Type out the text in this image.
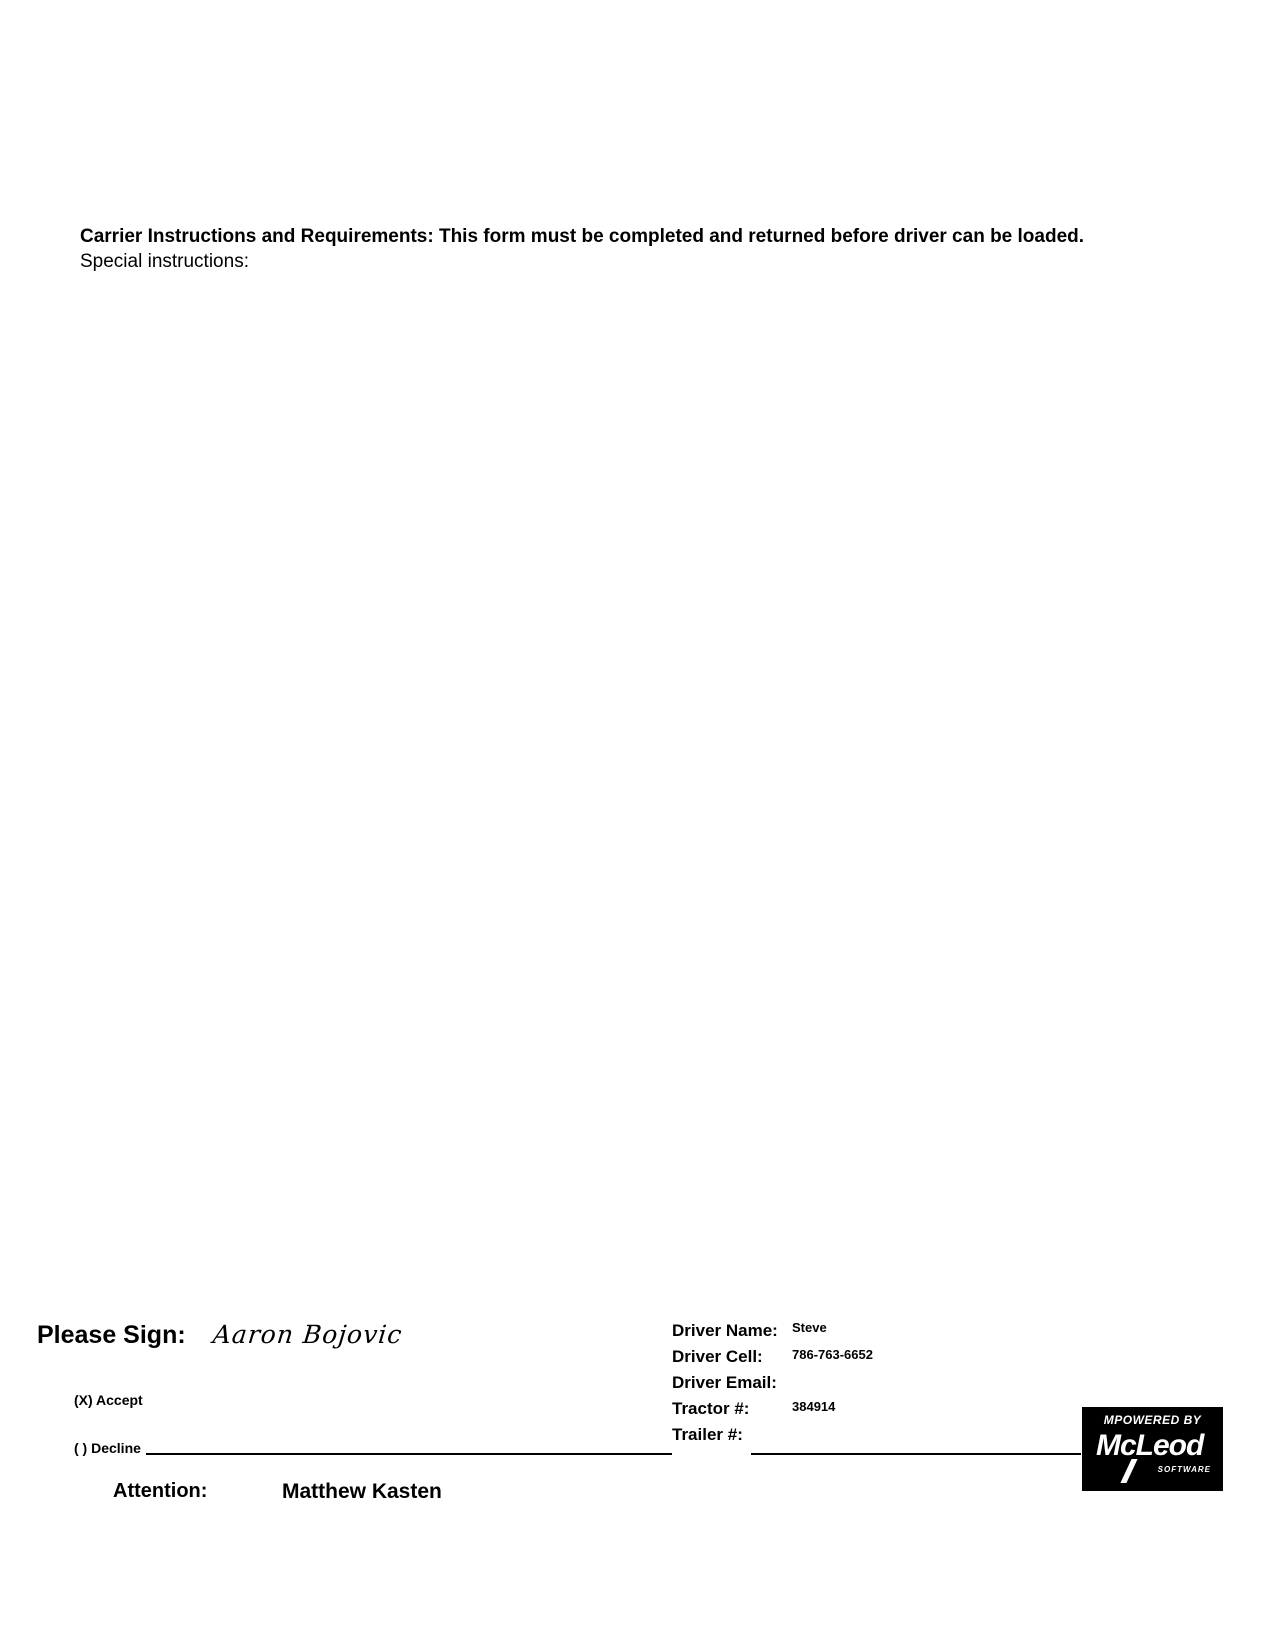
Carrier Instructions and Requirements: This form must be completed and returned before driver can be loaded.
Special instructions:
Please Sign: Aaron Bojovic
(X) Accept
( ) Decline
Attention:	Matthew Kasten
Driver Name: Steve
Driver Cell: 786-763-6652
Driver Email:
Tractor #:	384914
Trailer #:
MPOWERED BY
McLeod
SOFTWARE
